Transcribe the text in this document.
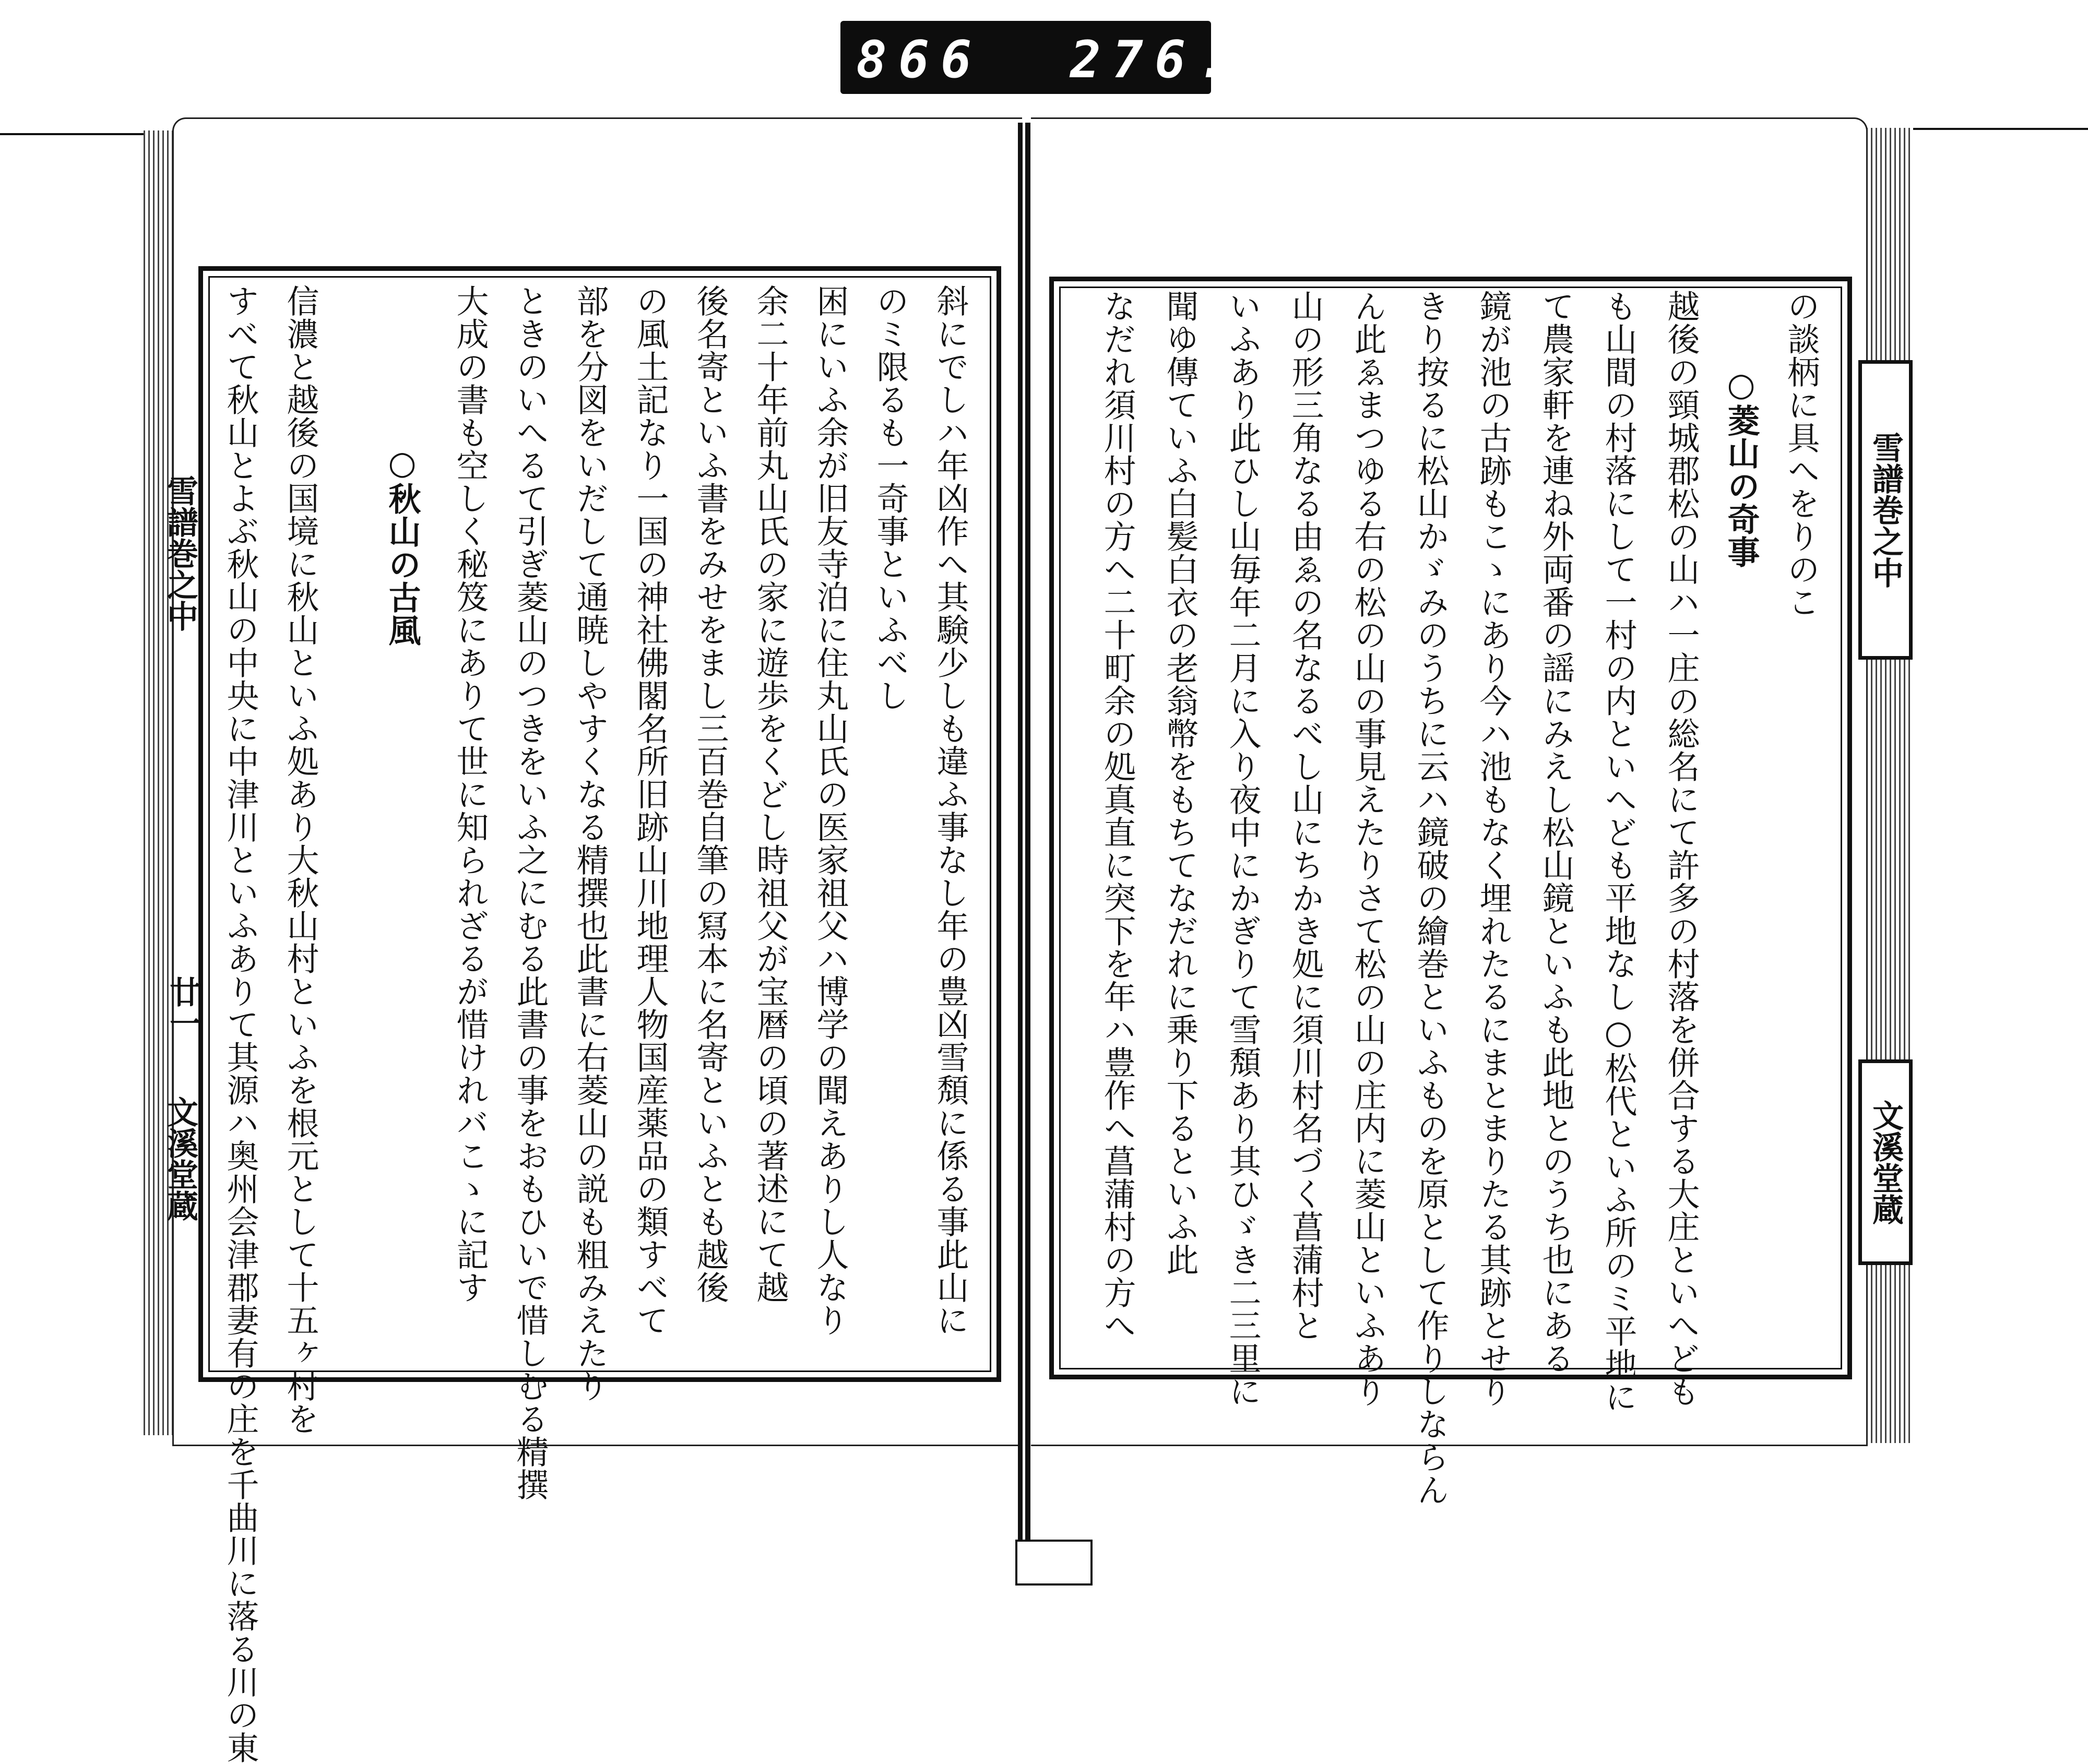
866 276.
雪譜巻之中
廿一
文溪堂蔵
雪譜巻之中
文溪堂蔵
の談柄に具へをりのこ
○菱山の奇事
越後の頸城郡松の山ハ一庄の総名にて許多の村落を併合する大庄といへども
も山間の村落にして一村の内といへども平地なし○松代といふ所のミ平地に
て農家軒を連ね外両番の謡にみえし松山鏡といふも此地とのうち也にある
鏡が池の古跡もこゝにあり今ハ池もなく埋れたるにまとまりたる其跡とせり
きり按るに松山かゞみのうちに云ハ鏡破の繪巻といふものを原として作りしならん
ん此ゑまつゆる右の松の山の事見えたりさて松の山の庄内に菱山といふあり
山の形三角なる由ゑの名なるべし山にちかき処に須川村名づく菖蒲村と
いふあり此ひし山毎年二月に入り夜中にかぎりて雪頽あり其ひゞき二三里に
聞ゆ傳ていふ白髪白衣の老翁幣をもちてなだれに乗り下るといふ此
なだれ須川村の方へ二十町余の処真直に突下を年ハ豊作へ菖蒲村の方へ
斜にでしハ年凶作へ其験少しも違ふ事なし年の豊凶雪頽に係る事此山に
のミ限るも一奇事といふべし
困にいふ余が旧友寺泊に住丸山氏の医家祖父ハ博学の聞えありし人なり
余二十年前丸山氏の家に遊歩をくどし時祖父が宝暦の頃の著述にて越
後名寄といふ書をみせをまし三百巻自筆の冩本に名寄といふとも越後
の風土記なり一国の神社佛閣名所旧跡山川地理人物国産薬品の類すべて
部を分図をいだして通暁しやすくなる精撰也此書に右菱山の説も粗みえたり
ときのいへるて引ぎ菱山のつきをいふ之にむる此書の事をおもひいで惜しむる精撰
大成の書も空しく秘笈にありて世に知られざるが惜けれバこゝに記す
○秋山の古風
信濃と越後の国境に秋山といふ処あり大秋山村といふを根元として十五ヶ村を
すべて秋山とよぶ秋山の中央に中津川といふありて其源ハ奥州会津郡妻有の庄を千曲川に落る川の東
